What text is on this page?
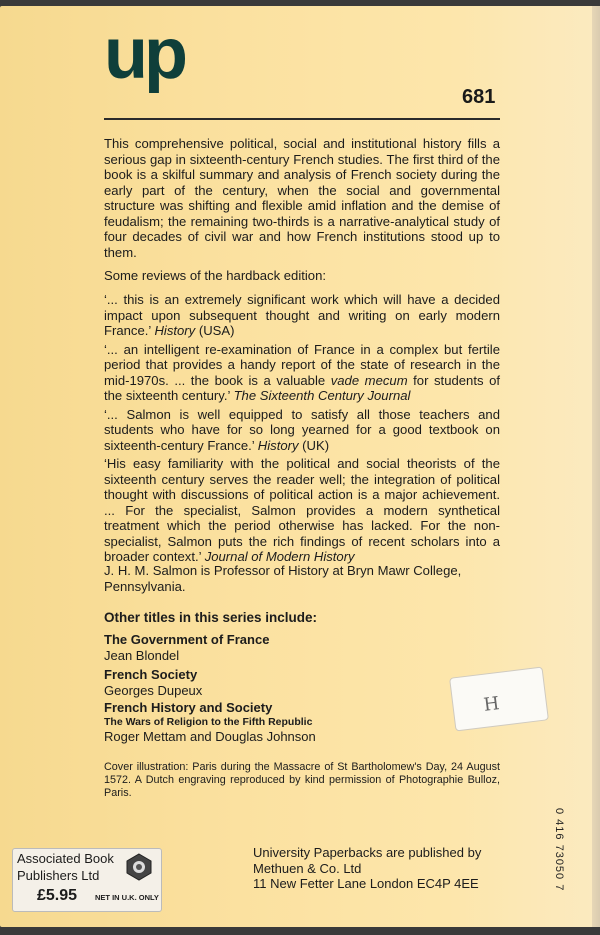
up
681

This comprehensive political, social and institutional history fills a serious gap in sixteenth-century French studies. The first third of the book is a skilful summary and analysis of French society during the early part of the century, when the social and governmental structure was shifting and flexible amid inflation and the demise of feudalism; the remaining two-thirds is a narrative-analytical study of four decades of civil war and how French institutions stood up to them.

Some reviews of the hardback edition:

‘... this is an extremely significant work which will have a decided impact upon subsequent thought and writing on early modern France.’ History (USA)

‘... an intelligent re-examination of France in a complex but fertile period that provides a handy report of the state of research in the mid-1970s. ... the book is a valuable vade mecum for students of the sixteenth century.’ The Sixteenth Century Journal

‘... Salmon is well equipped to satisfy all those teachers and students who have for so long yearned for a good textbook on sixteenth-century France.’ History (UK)

‘His easy familiarity with the political and social theorists of the sixteenth century serves the reader well; the integration of political thought with discussions of political action is a major achievement. ... For the specialist, Salmon provides a modern synthetical treatment which the period otherwise has lacked. For the non-specialist, Salmon puts the rich findings of recent scholars into a broader context.’ Journal of Modern History

J. H. M. Salmon is Professor of History at Bryn Mawr College, Pennsylvania.
Other titles in this series include:
The Government of France
Jean Blondel
French Society
Georges Dupeux
French History and Society
The Wars of Religion to the Fifth Republic
Roger Mettam and Douglas Johnson
Cover illustration: Paris during the Massacre of St Bartholomew's Day, 24 August 1572. A Dutch engraving reproduced by kind permission of Photographie Bulloz, Paris.
University Paperbacks are published by
Methuen & Co. Ltd
11 New Fetter Lane London EC4P 4EE	0 416 73050 7
Associated Book
Publishers Ltd
£5.95 NET IN U.K. ONLY
H
